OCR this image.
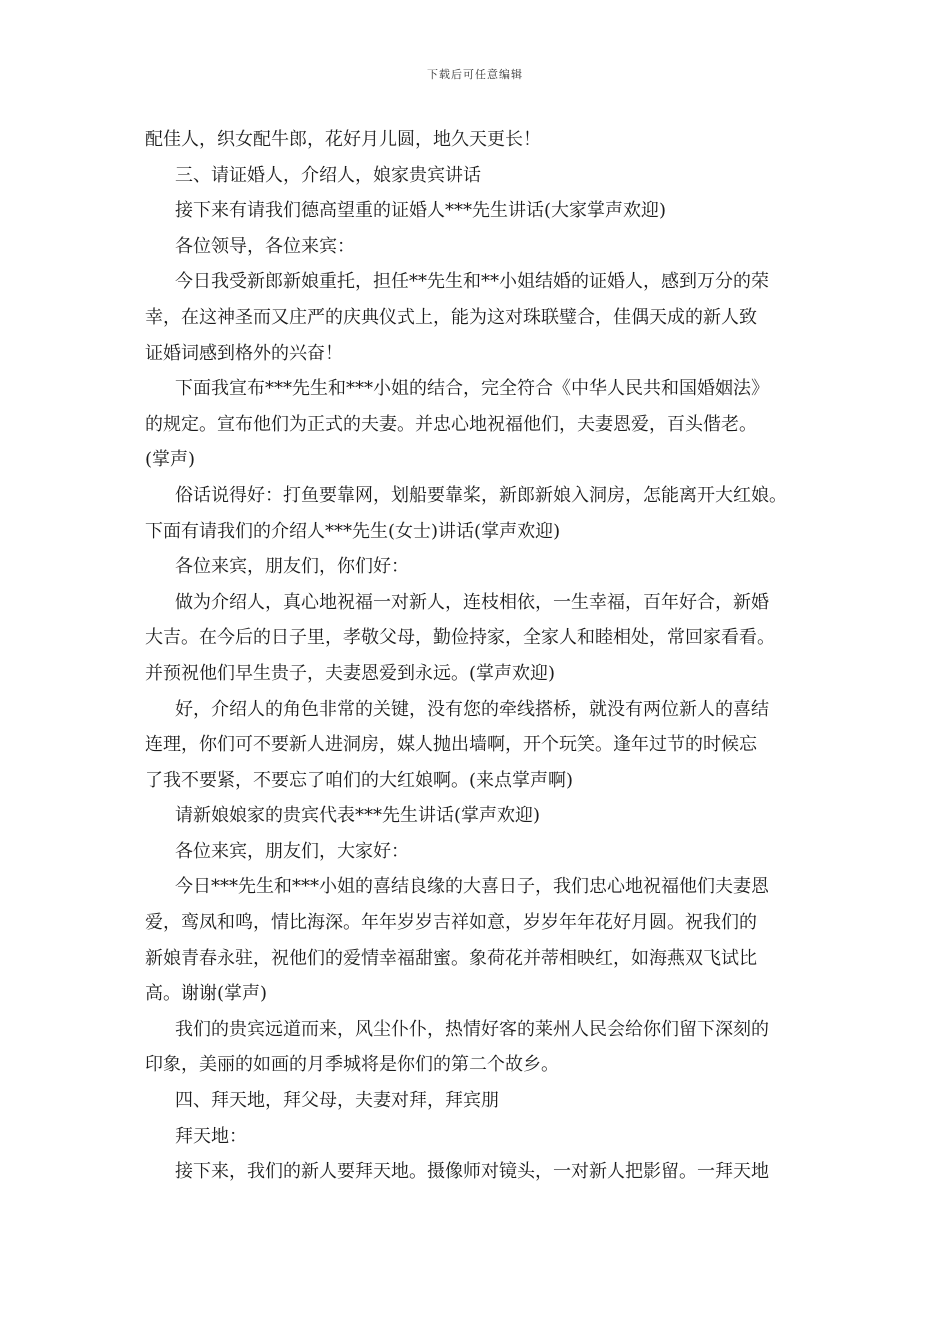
下载后可任意编辑
配佳人，织女配牛郎，花好月儿圆，地久天更长！
三、请证婚人，介绍人，娘家贵宾讲话
接下来有请我们德高望重的证婚人***先生讲话(大家掌声欢迎)
各位领导，各位来宾：
今日我受新郎新娘重托，担任**先生和**小姐结婚的证婚人，感到万分的荣
幸，在这神圣而又庄严的庆典仪式上，能为这对珠联璧合，佳偶天成的新人致
证婚词感到格外的兴奋！
下面我宣布***先生和***小姐的结合，完全符合《中华人民共和国婚姻法》
的规定。宣布他们为正式的夫妻。并忠心地祝福他们，夫妻恩爱，百头偕老。
(掌声)
俗话说得好：打鱼要靠网，划船要靠桨，新郎新娘入洞房，怎能离开大红娘。
下面有请我们的介绍人***先生(女士)讲话(掌声欢迎)
各位来宾，朋友们，你们好：
做为介绍人，真心地祝福一对新人，连枝相依，一生幸福，百年好合，新婚
大吉。在今后的日子里，孝敬父母，勤俭持家，全家人和睦相处，常回家看看。
并预祝他们早生贵子，夫妻恩爱到永远。(掌声欢迎)
好，介绍人的角色非常的关键，没有您的牵线搭桥，就没有两位新人的喜结
连理，你们可不要新人进洞房，媒人抛出墙啊，开个玩笑。逢年过节的时候忘
了我不要紧，不要忘了咱们的大红娘啊。(来点掌声啊)
请新娘娘家的贵宾代表***先生讲话(掌声欢迎)
各位来宾，朋友们，大家好：
今日***先生和***小姐的喜结良缘的大喜日子，我们忠心地祝福他们夫妻恩
爱，鸾凤和鸣，情比海深。年年岁岁吉祥如意，岁岁年年花好月圆。祝我们的
新娘青春永驻，祝他们的爱情幸福甜蜜。象荷花并蒂相映红，如海燕双飞试比
高。谢谢(掌声)
我们的贵宾远道而来，风尘仆仆，热情好客的莱州人民会给你们留下深刻的
印象，美丽的如画的月季城将是你们的第二个故乡。
四、拜天地，拜父母，夫妻对拜，拜宾朋
拜天地：
接下来，我们的新人要拜天地。摄像师对镜头，一对新人把影留。一拜天地
